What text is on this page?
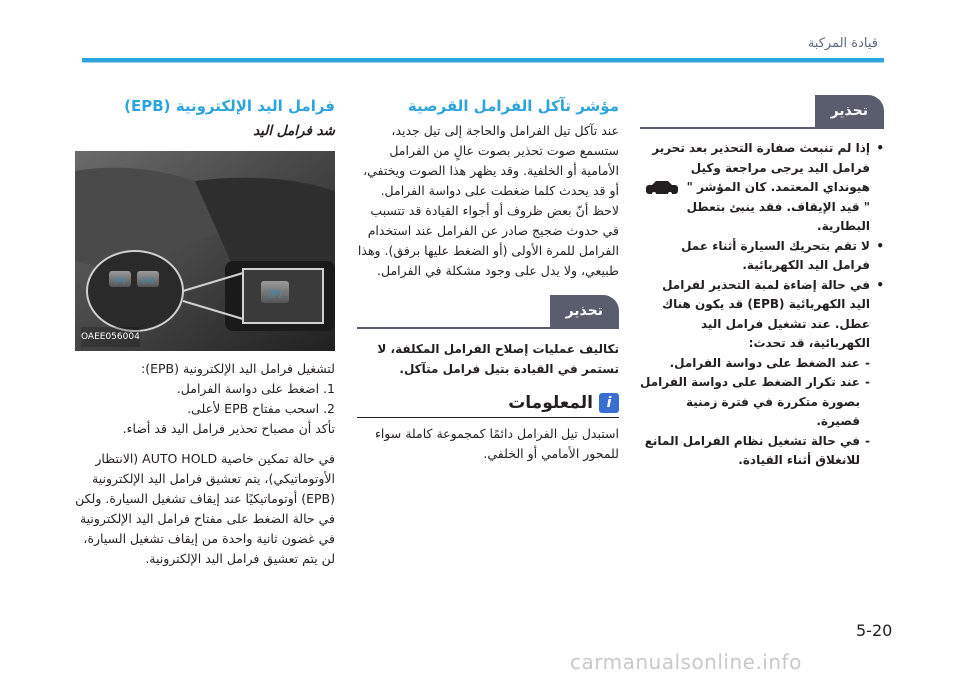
قيادة المركبة
تحذير
• إذا لم تنبعث صفارة التحذير بعد تحرير فرامل اليد يرجى مراجعة وكيل هيونداي المعتمد. كان المؤشر "  " قيد الإيقاف. فقد ينبئ بتعطل البطارية.
• لا تقم بتحريك السيارة أثناء عمل فرامل اليد الكهربائية.
• في حالة إضاءة لمبة التحذير لفرامل اليد الكهربائية (EPB) قد يكون هناك عطل. عند تشغيل فرامل اليد الكهربائية، قد تحدث:
- عند الضغط على دواسة الفرامل.
- عند تكرار الضغط على دواسة الفرامل بصورة متكررة في فترة زمنية قصيرة.
- في حالة تشغيل نظام الفرامل المانع للانغلاق أثناء القيادة.
مؤشر تآكل الفرامل القرصية

عند تآكل تيل الفرامل والحاجة إلى تيل جديد، ستسمع صوت تحذير بصوت عالٍ من الفرامل الأمامية أو الخلفية. وقد يظهر هذا الصوت ويختفي، أو قد يحدث كلما ضغطت على دواسة الفرامل.

لاحظ أنّ بعض ظروف أو أجواء القيادة قد تتسبب في حدوث ضجيج صادر عن الفرامل عند استخدام الفرامل للمرة الأولى (أو الضغط عليها برفق). وهذا طبيعي، ولا يدل على وجود مشكلة في الفرامل.

تحذير

تكاليف عمليات إصلاح الفرامل المكلفة، لا تستمر في القيادة بتيل فرامل متآكل.

i
المعلومات

استبدل تيل الفرامل دائمًا كمجموعة كاملة سواء للمحور الأمامي أو الخلفي.

فرامل اليد الإلكترونية (EPB)
شد فرامل اليد
(P) (A)
(P)
OAEE056004

لتشغيل فرامل اليد الإلكترونية (EPB):

1. اضغط على دواسة الفرامل.

2. اسحب مفتاح EPB لأعلى.

تأكد أن مصباح تحذير فرامل اليد قد أضاء.

في حالة تمكين خاصية AUTO HOLD (الانتظار الأوتوماتيكي)، يتم تعشيق فرامل اليد الإلكترونية (EPB) أوتوماتيكيًا عند إيقاف تشغيل السيارة. ولكن في حالة الضغط على مفتاح فرامل اليد الإلكترونية في غضون ثانية واحدة من إيقاف تشغيل السيارة، لن يتم تعشيق فرامل اليد الإلكترونية.

5-20
carmanualsonline.info
